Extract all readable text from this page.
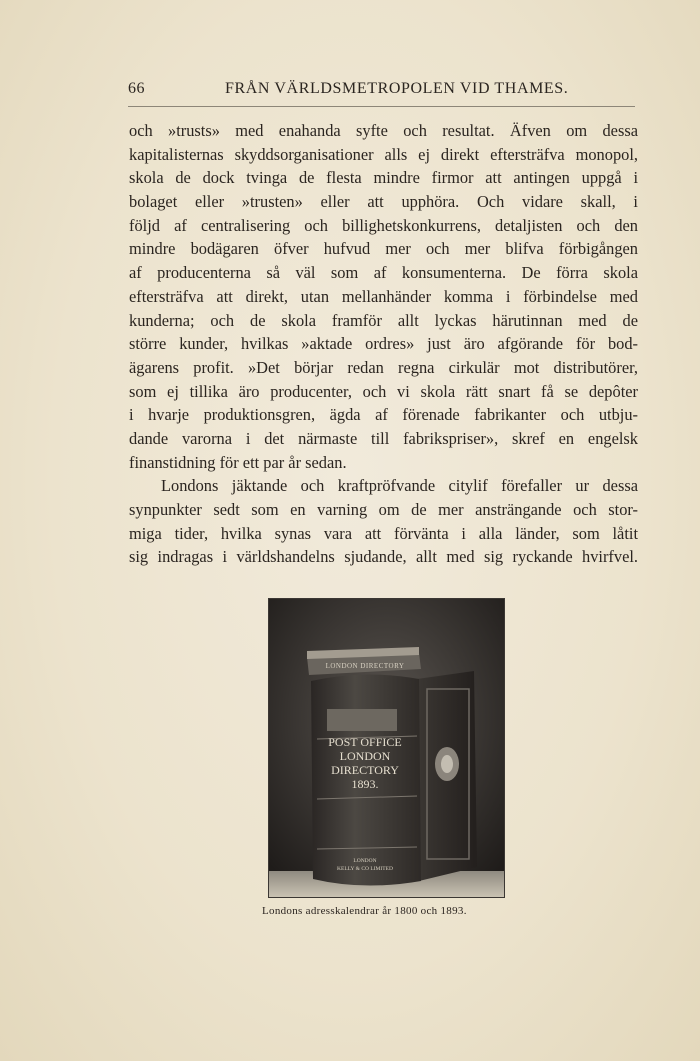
66	FRÅN VÄRLDSMETROPOLEN VID THAMES.
och »trusts» med enahanda syfte och resultat. Äfven om dessa
kapitalisternas skyddsorganisationer alls ej direkt eftersträfva monopol,
skola de dock tvinga de flesta mindre firmor att antingen uppgå i
bolaget eller »trusten» eller att upphöra. Och vidare skall, i
följd af centralisering och billighetskonkurrens, detaljisten och den
mindre bodägaren öfver hufvud mer och mer blifva förbigången
af producenterna så väl som af konsumenterna. De förra skola
eftersträfva att direkt, utan mellanhänder komma i förbindelse med
kunderna; och de skola framför allt lyckas härutinnan med de
större kunder, hvilkas »aktade ordres» just äro afgörande för bod-
ägarens profit. »Det börjar redan regna cirkulär mot distributörer,
som ej tillika äro producenter, och vi skola rätt snart få se depôter
i hvarje produktionsgren, ägda af förenade fabrikanter och utbju-
dande varorna i det närmaste till fabrikspriser», skref en engelsk
finanstidning för ett par år sedan.
Londons jäktande och kraftpröfvande citylif förefaller ur dessa
synpunkter sedt som en varning om de mer ansträngande och stor-
miga tider, hvilka synas vara att förvänta i alla länder, som låtit
sig indragas i världshandelns sjudande, allt med sig ryckande hvirfvel.
LONDON DIRECTORY
POST OFFICE
LONDON
DIRECTORY
1893.
LONDON
KELLY & CO LIMITED
Londons adresskalendrar år 1800 och 1893.
